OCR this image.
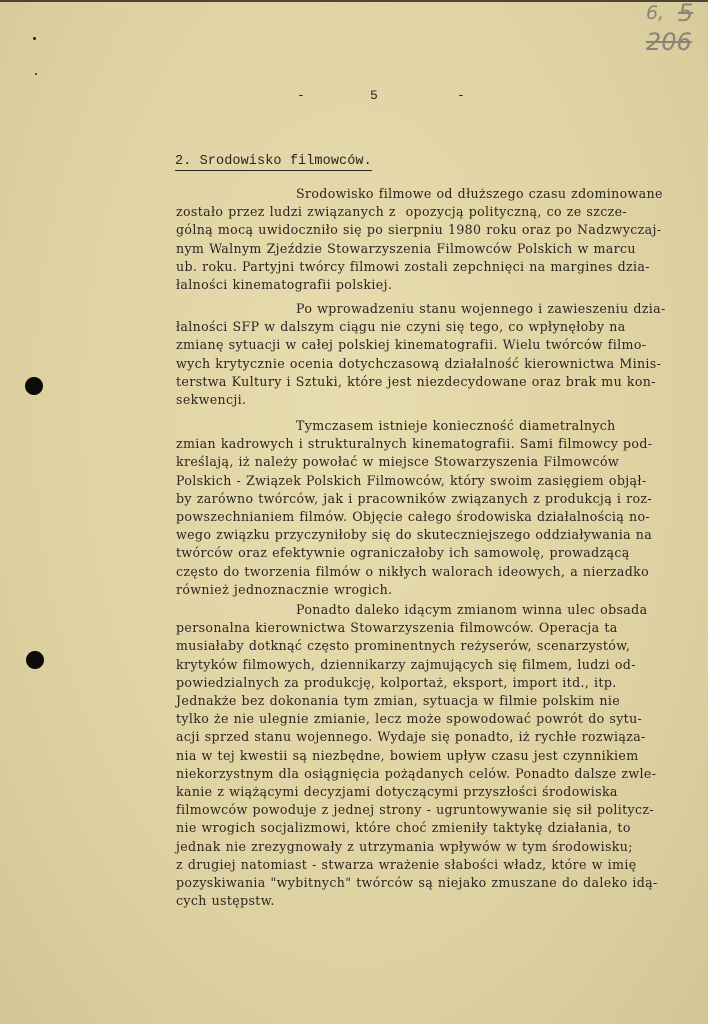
6, 5
206
-	5	-
2. Srodowisko filmowców.
Srodowisko filmowe od dłuższego czasu zdominowane
zostało przez ludzi związanych z  opozycją polityczną, co ze szcze-
gólną mocą uwidoczniło się po sierpniu 1980 roku oraz po Nadzwyczaj-
nym Walnym Zjeździe Stowarzyszenia Filmowców Polskich w marcu
ub. roku. Partyjni twórcy filmowi zostali zepchnięci na margines dzia-
łalności kinematografii polskiej.
Po wprowadzeniu stanu wojennego i zawieszeniu dzia-
łalności SFP w dalszym ciągu nie czyni się tego, co wpłynęłoby na
zmianę sytuacji w całej polskiej kinematografii. Wielu twórców filmo-
wych krytycznie ocenia dotychczasową działalność kierownictwa Minis-
terstwa Kultury i Sztuki, które jest niezdecydowane oraz brak mu kon-
sekwencji.
Tymczasem istnieje konieczność diametralnych
zmian kadrowych i strukturalnych kinematografii. Sami filmowcy pod-
kreślają, iż należy powołać w miejsce Stowarzyszenia Filmowców
Polskich - Związek Polskich Filmowców, który swoim zasięgiem objął-
by zarówno twórców, jak i pracowników związanych z produkcją i roz-
powszechnianiem filmów. Objęcie całego środowiska działalnością no-
wego związku przyczyniłoby się do skuteczniejszego oddziaływania na
twórców oraz efektywnie ograniczałoby ich samowolę, prowadzącą
często do tworzenia filmów o nikłych walorach ideowych, a nierzadko
również jednoznacznie wrogich.
Ponadto daleko idącym zmianom winna ulec obsada
personalna kierownictwa Stowarzyszenia filmowców. Operacja ta
musiałaby dotknąć często prominentnych reżyserów, scenarzystów,
krytyków filmowych, dziennikarzy zajmujących się filmem, ludzi od-
powiedzialnych za produkcję, kolportaż, eksport, import itd., itp.
Jednakże bez dokonania tym zmian, sytuacja w filmie polskim nie
tylko że nie ulegnie zmianie, lecz może spowodować powrót do sytu-
acji sprzed stanu wojennego. Wydaje się ponadto, iż rychłe rozwiąza-
nia w tej kwestii są niezbędne, bowiem upływ czasu jest czynnikiem
niekorzystnym dla osiągnięcia pożądanych celów. Ponadto dalsze zwle-
kanie z wiążącymi decyzjami dotyczącymi przyszłości środowiska
filmowców powoduje z jednej strony - ugruntowywanie się sił politycz-
nie wrogich socjalizmowi, które choć zmieniły taktykę działania, to
jednak nie zrezygnowały z utrzymania wpływów w tym środowisku;
z drugiej natomiast - stwarza wrażenie słabości władz, które w imię
pozyskiwania "wybitnych" twórców są niejako zmuszane do daleko idą-
cych ustępstw.
